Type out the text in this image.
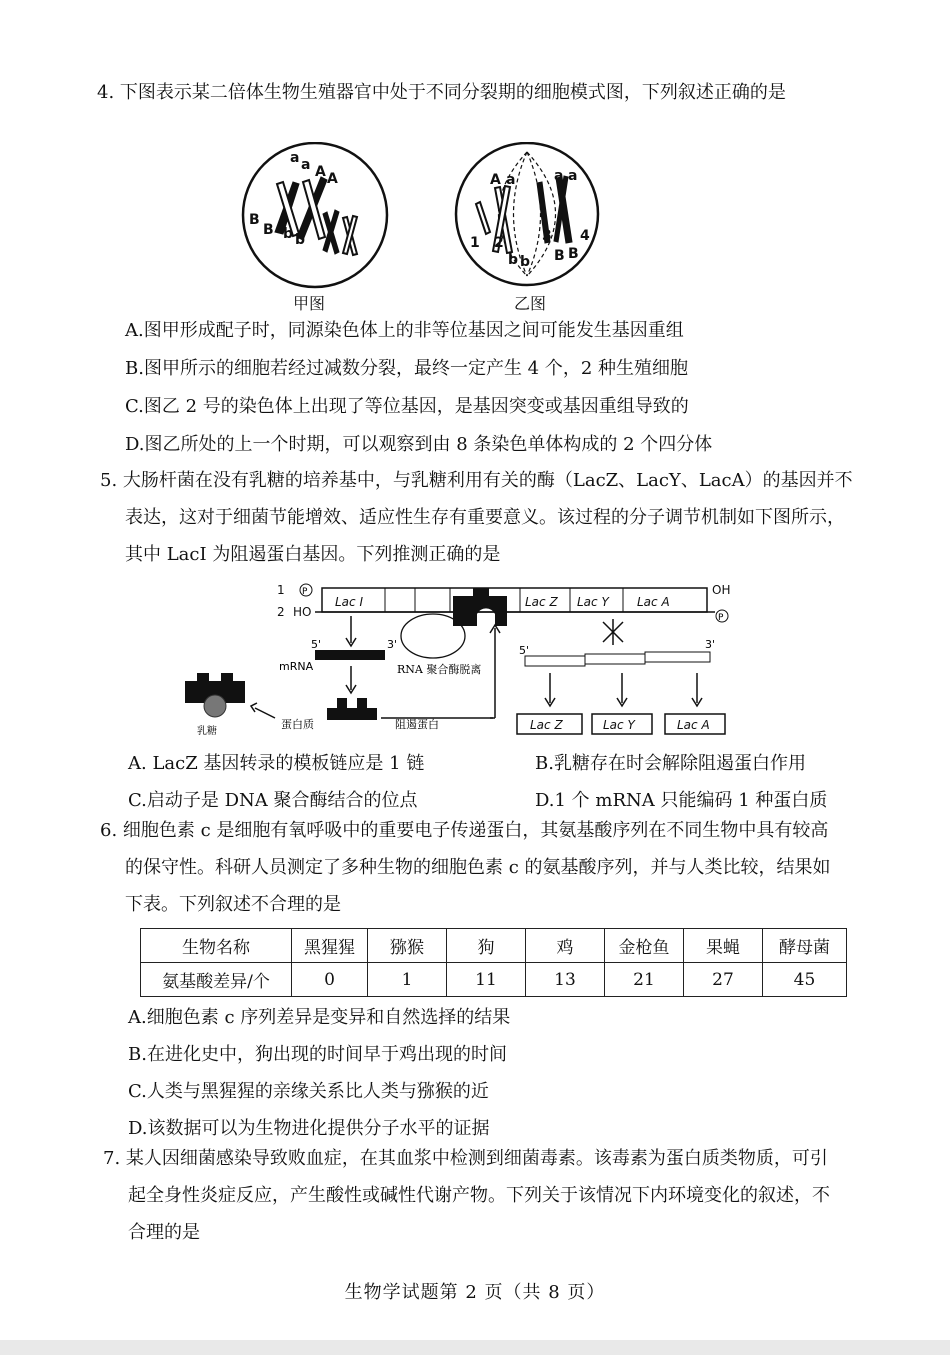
4. 下图表示某二倍体生物生殖器官中处于不同分裂期的细胞模式图，下列叙述正确的是
a a A A
B
B b b
甲图
A a	a a
1 2	3 4
b b B B
乙图
A.图甲形成配子时，同源染色体上的非等位基因之间可能发生基因重组
B.图甲所示的细胞若经过减数分裂，最终一定产生 4 个，2 种生殖细胞
C.图乙 2 号的染色体上出现了等位基因，是基因突变或基因重组导致的
D.图乙所处的上一个时期，可以观察到由 8 条染色单体构成的 2 个四分体
5. 大肠杆菌在没有乳糖的培养基中，与乳糖利用有关的酶（LacZ、LacY、LacA）的基因并不
表达，这对于细菌节能增效、适应性生存有重要意义。该过程的分子调节机制如下图所示，
其中 LacI 为阻遏蛋白基因。下列推测正确的是
1
2 HO
OH
P
P
Lac I	Lac Z Lac Y Lac A
5'	3'
mRNA	RNA 聚合酶脱离
蛋白质	阻遏蛋白
乳糖
5'	3'
Lac Z	Lac Y	Lac A
A. LacZ 基因转录的模板链应是 1 链	B.乳糖存在时会解除阻遏蛋白作用
C.启动子是 DNA 聚合酶结合的位点	D.1 个 mRNA 只能编码 1 种蛋白质
6. 细胞色素 c 是细胞有氧呼吸中的重要电子传递蛋白，其氨基酸序列在不同生物中具有较高
的保守性。科研人员测定了多种生物的细胞色素 c 的氨基酸序列，并与人类比较，结果如
下表。下列叙述不合理的是
生物名称	黑猩猩	猕猴	狗	鸡	金枪鱼	果蝇	酵母菌
氨基酸差异/个	0	1	11	13	21	27	45
A.细胞色素 c 序列差异是变异和自然选择的结果
B.在进化史中，狗出现的时间早于鸡出现的时间
C.人类与黑猩猩的亲缘关系比人类与猕猴的近
D.该数据可以为生物进化提供分子水平的证据
7. 某人因细菌感染导致败血症，在其血浆中检测到细菌毒素。该毒素为蛋白质类物质，可引
起全身性炎症反应，产生酸性或碱性代谢产物。下列关于该情况下内环境变化的叙述，不
合理的是
生物学试题第 2 页（共 8 页）
